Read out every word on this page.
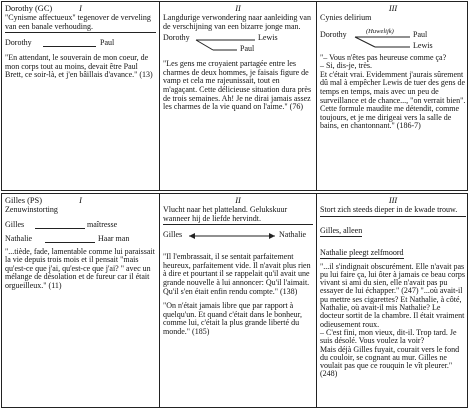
Dorothy (GC)	I

"Cynisme affectueux" tegenover de verveling van een banale verhouding.

Dorothy	Paul

"En attendant, le souverain de mon coeur, de mon corps tout au moins, devait être Paul Brett, ce soir-là, et j'en bâillais d'avance." (13)

II

Langdurige verwondering naar aanleiding van de verschijning van een bizarre jonge man.

Dorothy	Lewis
Paul

"Les gens me croyaient partagée entre les charmes de deux hommes, je faisais figure de vamp et cela me rajeunissait, tout en m'agaçant. Cette délicieuse situation dura près de trois semaines. Ah! Je ne dirai jamais assez les charmes de la vie quand on l'aime." (76)

III

Cynies delirium

Dorothy	(Huwelijk) Paul
Lewis

"– Vous n'êtes pas heureuse comme ça?
– Si, dis-je, très.
Et c'était vrai. Evidemment j'aurais sûrement dû mal à empêcher Lewis de tuer des gens de temps en temps, mais avec un peu de surveillance et de chance..., "on verrait bien". Cette formule maudite me détendit, comme toujours, et je me dirigeai vers la salle de bains, en chantonnant." (186-7)

Gilles (PS)	I

Zenuwinstorting

Gilles	maîtresse
Nathalie	Haar man

"...tiède, fade, lamentable comme lui paraissait la vie depuis trois mois et il pensait "mais qu'est-ce que j'ai, qu'est-ce que j'ai? " avec un mélange de désolation et de fureur car il était orgueilleux." (11)

II

Vlucht naar het platteland. Gelukskuur wanneer hij de liefde hervindt.

Gilles	Nathalie

"Il l'embrassait, il se sentait parfaitement heureux, parfaitement vide. Il n'avait plus rien à dire et pourtant il se rappelait qu'il avait une grande nouvelle à lui annoncer: Qu'il l'aimait. Qu'il s'en était enfin rendu compte." (138)

"On n'était jamais libre que par rapport à quelqu'un. Et quand c'était dans le bonheur, comme lui, c'était la plus grande liberté du monde." (185)

III

Stort zich steeds dieper in de kwade trouw.

Gilles, alleen

Nathalie pleegt zelfmoord

"...il s'indignait obscurément. Elle n'avait pas pu lui faire ça, lui ôter à jamais ce beau corps vivant si ami du sien, elle n'avait pas pu essayer de lui échapper." (247) "...où avait-il pu mettre ses cigarettes? Et Nathalie, à côté, Nathalie, où avait-il mis Nathalie? Le docteur sortit de la chambre. Il était vraiment odieusement roux.
– C'est fini, mon vieux, dit-il. Trop tard. Je suis désolé. Vous voulez la voir?
Mais déjà Gilles fuyait, courait vers le fond du couloir, se cognant au mur. Gilles ne voulait pas que ce rouquin le vît pleurer." (248)
